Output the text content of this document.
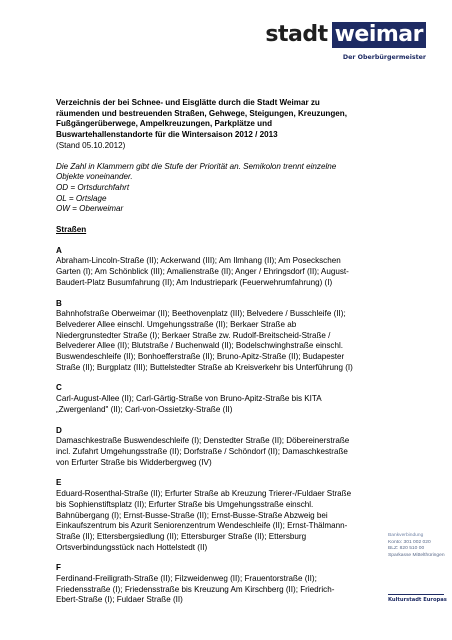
stadt weimar
Der Oberbürgermeister
Verzeichnis der bei Schnee- und Eisglätte durch die Stadt Weimar zu
räumenden und bestreuenden Straßen, Gehwege, Steigungen, Kreuzungen,
Fußgängerüberwege, Ampelkreuzungen, Parkplätze und
Buswartehallenstandorte für die Wintersaison 2012 / 2013
(Stand 05.10.2012)
Die Zahl in Klammern gibt die Stufe der Priorität an. Semikolon trennt einzelne
Objekte voneinander.
OD = Ortsdurchfahrt
OL = Ortslage
OW = Oberweimar
Straßen
A
Abraham-Lincoln-Straße (II); Ackerwand (III); Am Ilmhang (II); Am Poseckschen
Garten (I); Am Schönblick (III); Amalienstraße (II); Anger / Ehringsdorf (II); August-
Baudert-Platz Busumfahrung (II); Am Industriepark (Feuerwehrumfahrung) (I)
B
Bahnhofstraße Oberweimar (II); Beethovenplatz (III); Belvedere / Busschleife (II);
Belvederer Allee einschl. Umgehungsstraße (II); Berkaer Straße ab
Niedergrunstedter Straße (I); Berkaer Straße zw. Rudolf-Breitscheid-Straße /
Belvederer Allee (II); Blutstraße / Buchenwald (II); Bodelschwinghstraße einschl.
Buswendeschleife (II); Bonhoefferstraße (II); Bruno-Apitz-Straße (II); Budapester
Straße (II); Burgplatz (III); Buttelstedter Straße ab Kreisverkehr bis Unterführung (I)
C
Carl-August-Allee (II); Carl-Gärtig-Straße von Bruno-Apitz-Straße bis KITA
„Zwergenland" (II); Carl-von-Ossietzky-Straße (II)
D
Damaschkestraße Buswendeschleife (I); Denstedter Straße (II); Döbereinerstraße
incl. Zufahrt Umgehungsstraße (II); Dorfstraße / Schöndorf (II); Damaschkestraße
von Erfurter Straße bis Widderbergweg (IV)
E
Eduard-Rosenthal-Straße (II); Erfurter Straße ab Kreuzung Trierer-/Fuldaer Straße
bis Sophienstiftsplatz (II); Erfurter Straße bis Umgehungsstraße einschl.
Bahnübergang (I); Ernst-Busse-Straße (II); Ernst-Busse-Straße Abzweig bei
Einkaufszentrum bis Azurit Seniorenzentrum Wendeschleife (II); Ernst-Thälmann-
Straße (II); Ettersbergsiedlung (II); Ettersburger Straße (II); Ettersburg
Ortsverbindungsstück nach Hottelstedt (II)
F
Ferdinand-Freiligrath-Straße (II); Filzweidenweg (II); Frauentorstraße (II);
Friedensstraße (I); Friedensstraße bis Kreuzung Am Kirschberg (II); Friedrich-
Ebert-Straße (I); Fuldaer Straße (II)
Bankverbindung
Konto: 301 002 020
BLZ: 820 510 00
Sparkasse Mittelthüringen
Kulturstadt Europas
